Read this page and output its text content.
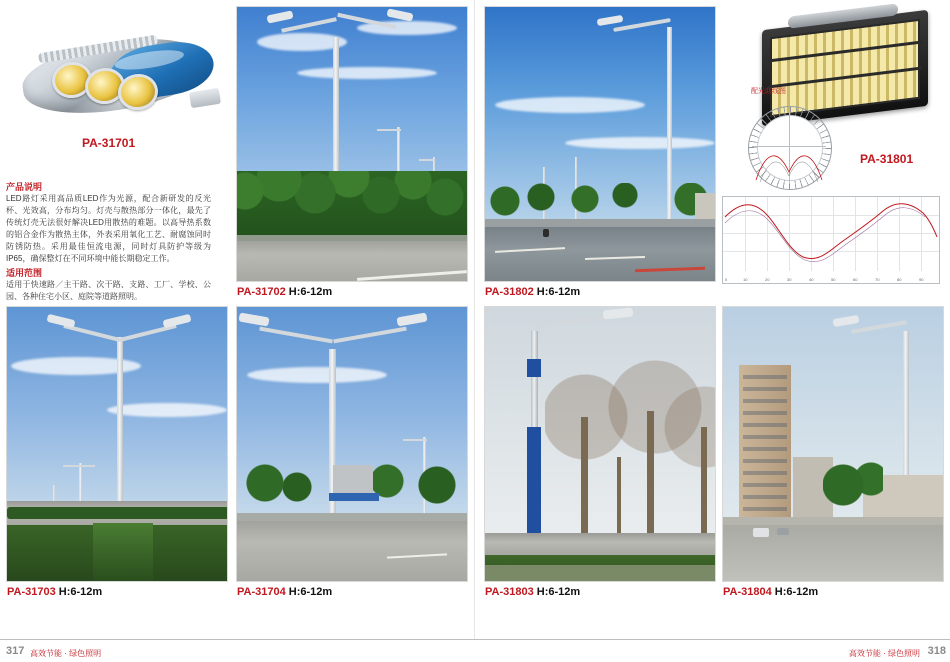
PA-31701
产品说明
LED路灯采用高品质LED作为光源，配合新研发的反光杯、光效高，分布均匀。灯壳与散热部分一体化，最先了传统灯壳无法很好解决LED用散热的难题。以高导热系数的铝合金作为散热主体，外表采用氧化工艺、耐腐蚀同时防锈防热。采用最佳恒流电源，同时灯具防护等级为IP65，确保整灯在不同环境中能长期稳定工作。
适用范围
适用于快速路／主干路、次干路、支路、工厂、学校、公园、各种住宅小区、庭院等道路照明。	PA-31702 H:6-12m	PA-31802 H:6-12m
PA-31801
配光曲线图
0	10	20	30	40	50	60	70	80	90
PA-31703 H:6-12m	PA-31704 H:6-12m	PA-31803 H:6-12m	PA-31804 H:6-12m
317 高效节能 · 绿色照明	高效节能 · 绿色照明 318
